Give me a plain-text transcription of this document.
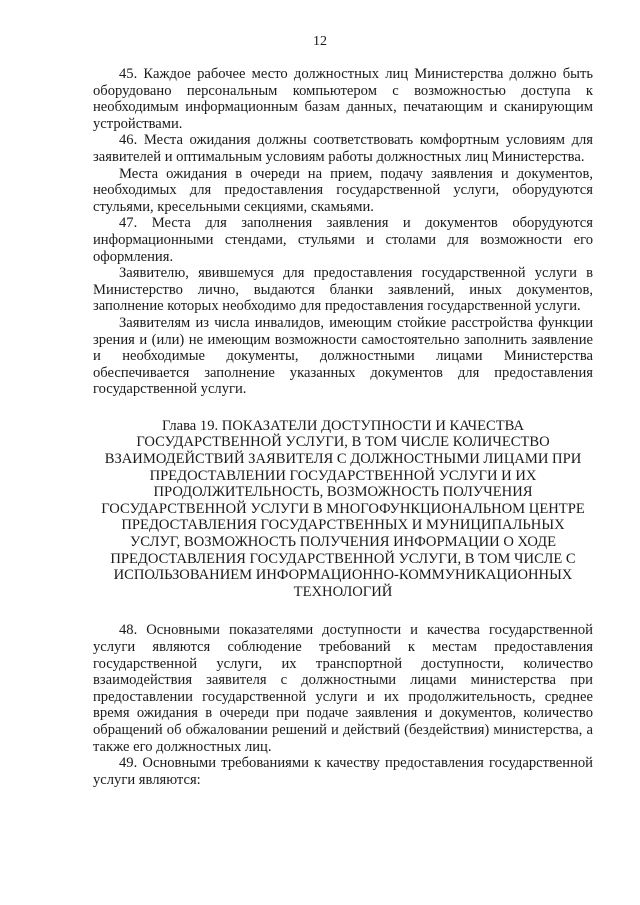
12

45. Каждое рабочее место должностных лиц Министерства должно быть оборудовано персональным компьютером с возможностью доступа к необходимым информационным базам данных, печатающим и сканирующим устройствами.

46. Места ожидания должны соответствовать комфортным условиям для заявителей и оптимальным условиям работы должностных лиц Министерства.

Места ожидания в очереди на прием, подачу заявления и документов, необходимых для предоставления государственной услуги, оборудуются стульями, кресельными секциями, скамьями.

47. Места для заполнения заявления и документов оборудуются информационными стендами, стульями и столами для возможности его оформления.

Заявителю, явившемуся для предоставления государственной услуги в Министерство лично, выдаются бланки заявлений, иных документов, заполнение которых необходимо для предоставления государственной услуги.

Заявителям из числа инвалидов, имеющим стойкие расстройства функции зрения и (или) не имеющим возможности самостоятельно заполнить заявление и необходимые документы, должностными лицами Министерства обеспечивается заполнение указанных документов для предоставления государственной услуги.

Глава 19. ПОКАЗАТЕЛИ ДОСТУПНОСТИ И КАЧЕСТВА
ГОСУДАРСТВЕННОЙ УСЛУГИ, В ТОМ ЧИСЛЕ КОЛИЧЕСТВО
ВЗАИМОДЕЙСТВИЙ ЗАЯВИТЕЛЯ С ДОЛЖНОСТНЫМИ ЛИЦАМИ ПРИ
ПРЕДОСТАВЛЕНИИ ГОСУДАРСТВЕННОЙ УСЛУГИ И ИХ
ПРОДОЛЖИТЕЛЬНОСТЬ, ВОЗМОЖНОСТЬ ПОЛУЧЕНИЯ
ГОСУДАРСТВЕННОЙ УСЛУГИ В МНОГОФУНКЦИОНАЛЬНОМ ЦЕНТРЕ
ПРЕДОСТАВЛЕНИЯ ГОСУДАРСТВЕННЫХ И МУНИЦИПАЛЬНЫХ
УСЛУГ, ВОЗМОЖНОСТЬ ПОЛУЧЕНИЯ ИНФОРМАЦИИ О ХОДЕ
ПРЕДОСТАВЛЕНИЯ ГОСУДАРСТВЕННОЙ УСЛУГИ, В ТОМ ЧИСЛЕ С
ИСПОЛЬЗОВАНИЕМ ИНФОРМАЦИОННО-КОММУНИКАЦИОННЫХ
ТЕХНОЛОГИЙ

48. Основными показателями доступности и качества государственной услуги являются соблюдение требований к местам предоставления государственной услуги, их транспортной доступности, количество взаимодействия заявителя с должностными лицами министерства при предоставлении государственной услуги и их продолжительность, среднее время ожидания в очереди при подаче заявления и документов, количество обращений об обжаловании решений и действий (бездействия) министерства, а также его должностных лиц.

49. Основными требованиями к качеству предоставления государственной услуги являются:
